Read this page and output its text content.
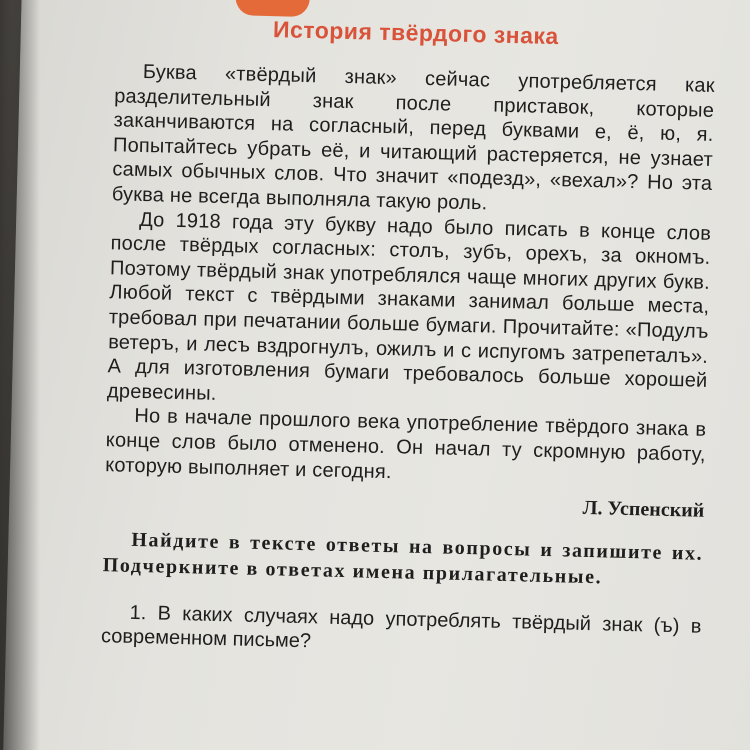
История твёрдого знака

Буква «твёрдый знак» сейчас употребляется как разделительный знак после приставок, которые заканчиваются на согласный, перед буквами е, ё, ю, я. Попытайтесь убрать её, и читающий растеряется, не узнает самых обычных слов. Что значит «подезд», «вехал»? Но эта буква не всегда выполняла такую роль.

До 1918 года эту букву надо было писать в конце слов после твёрдых согласных: столъ, зубъ, орехъ, за окномъ. Поэтому твёрдый знак употреблялся чаще многих других букв. Любой текст с твёрдыми знаками занимал больше места, требовал при печатании больше бумаги. Прочитайте: «Подулъ ветеръ, и лесъ вздрогнулъ, ожилъ и с испугомъ затрепеталъ». А для изготовления бумаги требовалось больше хорошей древесины.

Но в начале прошлого века употребление твёрдого знака в конце слов было отменено. Он начал ту скромную работу, которую выполняет и сегодня.

Л. Успенский

Найдите в тексте ответы на вопросы и запишите их. Подчеркните в ответах имена прилагательные.

1. В каких случаях надо употреблять твёрдый знак (ъ) в современном письме?
